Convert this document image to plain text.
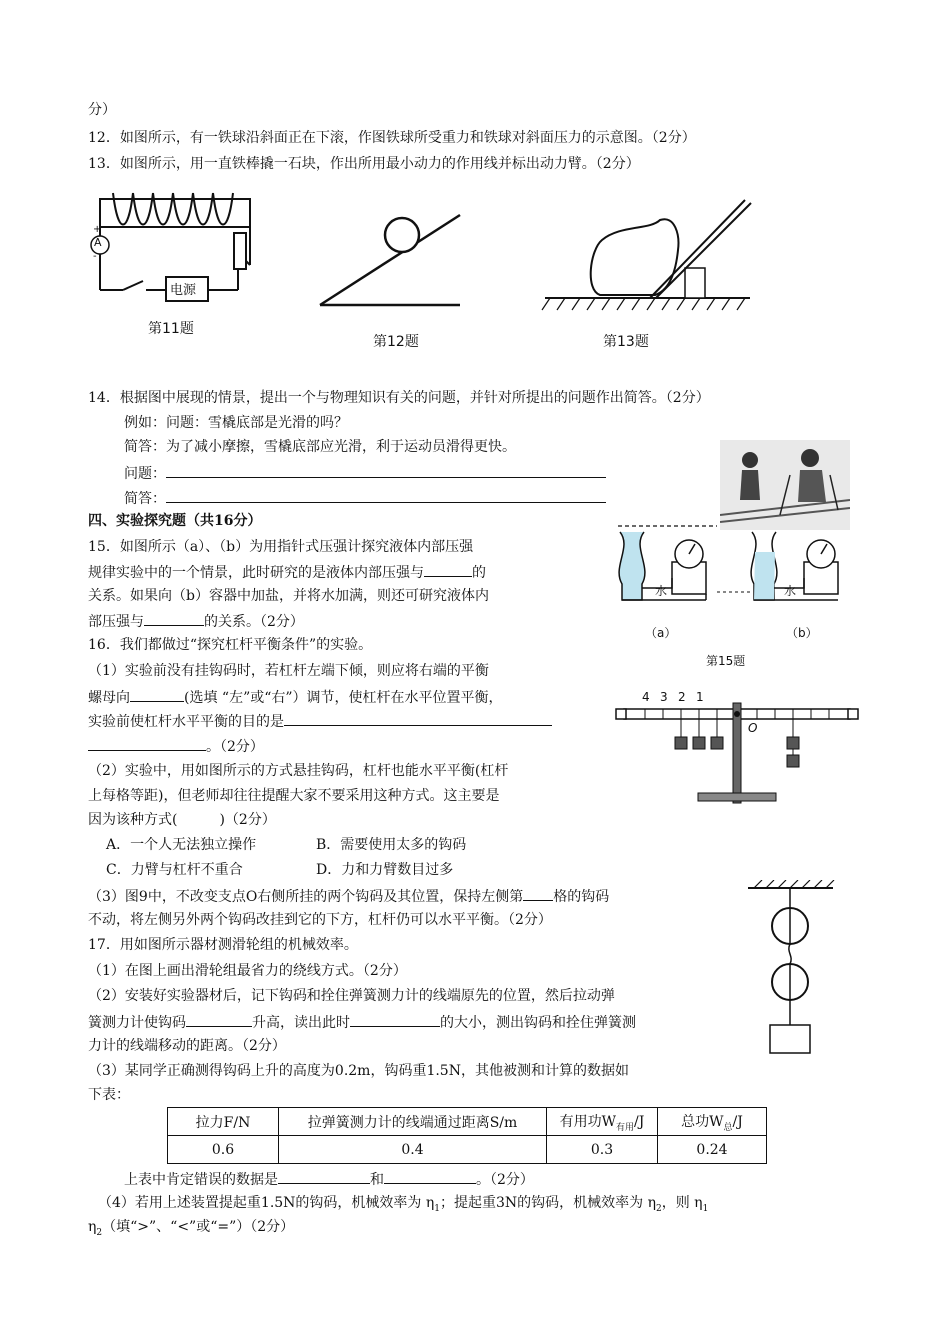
分）
12．如图所示，有一铁球沿斜面正在下滚，作图铁球所受重力和铁球对斜面压力的示意图。（2分）
13．如图所示，用一直铁棒撬一石块，作出所用最小动力的作用线并标出动力臂。（2分）
A
+
-
电源
第11题
第12题	第13题
14．根据图中展现的情景，提出一个与物理知识有关的问题，并针对所提出的问题作出简答。（2分）
例如：问题：雪橇底部是光滑的吗？
简答：为了减小摩擦，雪橇底部应光滑，利于运动员滑得更快。
问题：
简答：
四、实验探究题（共16分）
15．如图所示（a）、（b）为用指针式压强计探究液体内部压强
规律实验中的一个情景，此时研究的是液体内部压强与	的
关系。如果向（b）容器中加盐，并将水加满，则还可研究液体内
部压强与	的关系。（2分）
水	水
（a）	（b）
第15题
16．我们都做过“探究杠杆平衡条件”的实验。
（1）实验前没有挂钩码时，若杠杆左端下倾，则应将右端的平衡
螺母向	(选填 “左”或“右”）调节，使杠杆在水平位置平衡，
实验前使杠杆水平平衡的目的是
。（2分）
（2）实验中，用如图所示的方式悬挂钩码，杠杆也能水平平衡(杠杆
上每格等距)，但老师却往往提醒大家不要采用这种方式。这主要是
因为该种方式(　　　)（2分）
A．一个人无法独立操作	B．需要使用太多的钩码
C．力臂与杠杆不重合	D．力和力臂数目过多
（3）图9中，不改变支点O右侧所挂的两个钩码及其位置，保持左侧第 格的钩码
不动，将左侧另外两个钩码改挂到它的下方，杠杆仍可以水平平衡。（2分）
4 3 2 1
O
17．用如图所示器材测滑轮组的机械效率。
（1）在图上画出滑轮组最省力的绕线方式。（2分）
（2）安装好实验器材后，记下钩码和拴住弹簧测力计的线端原先的位置，然后拉动弹
簧测力计使钩码	升高，读出此时	的大小，测出钩码和拴住弹簧测
力计的线端移动的距离。（2分）
（3）某同学正确测得钩码上升的高度为0.2m，钩码重1.5N，其他被测和计算的数据如
下表：
拉力F/N	拉弹簧测力计的线端通过距离S/m	有用功$W_{有用}/J$	总功$W_总/J$
0.6	0.4	0.3	0.24
上表中肯定错误的数据是	和	。（2分）
（4）若用上述装置提起重1.5N的钩码，机械效率为 $\eta_1$；提起重3N的钩码，机械效率为 $\eta_2$，则 $\eta_1$
$\eta_2$（填“>”、“<”或“=”）（2分）
